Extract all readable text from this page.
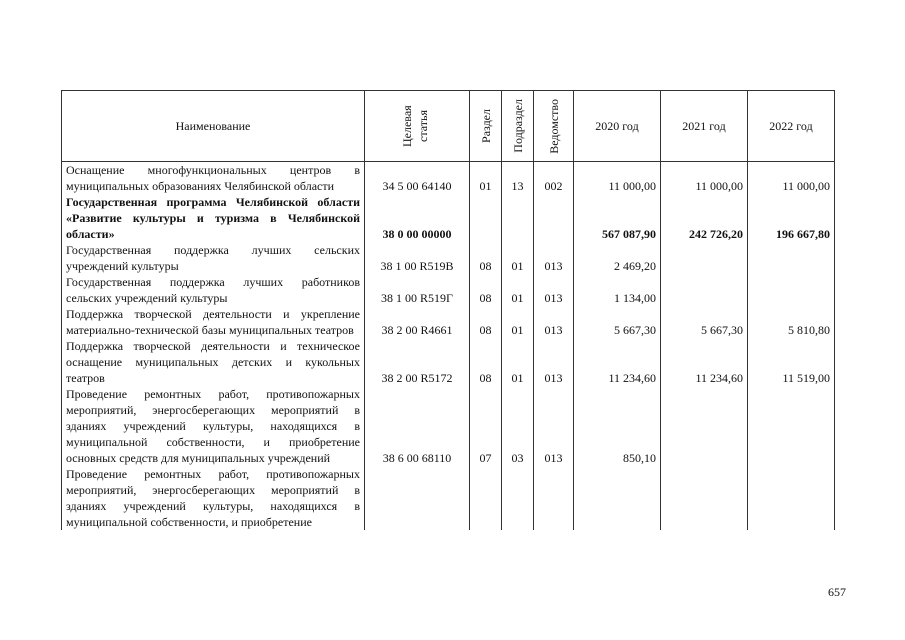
Наименование	Целевая статья	Раздел	Подраздел	Ведомство	2020 год	2021 год	2022 год
Оснащение многофункциональных центров в муниципальных образованиях Челябинской области	34 5 00 64140	01	13	002	11 000,00	11 000,00	11 000,00
Государственная программа Челябинской области «Развитие культуры и туризма в Челябинской области»	38 0 00 00000				567 087,90	242 726,20	196 667,80
Государственная поддержка лучших сельских учреждений культуры	38 1 00 R519В	08	01	013	2 469,20		
Государственная поддержка лучших работников сельских учреждений культуры	38 1 00 R519Г	08	01	013	1 134,00		
Поддержка творческой деятельности и укрепление материально-технической базы муниципальных театров	38 2 00 R4661	08	01	013	5 667,30	5 667,30	5 810,80
Поддержка творческой деятельности и техническое оснащение муниципальных детских и кукольных театров	38 2 00 R5172	08	01	013	11 234,60	11 234,60	11 519,00
Проведение ремонтных работ, противопожарных мероприятий, энергосберегающих мероприятий в зданиях учреждений культуры, находящихся в муниципальной собственности, и приобретение основных средств для муниципальных учреждений	38 6 00 68110	07	03	013	850,10		
Проведение ремонтных работ, противопожарных мероприятий, энергосберегающих мероприятий в зданиях учреждений культуры, находящихся в муниципальной собственности, и приобретение							
657
